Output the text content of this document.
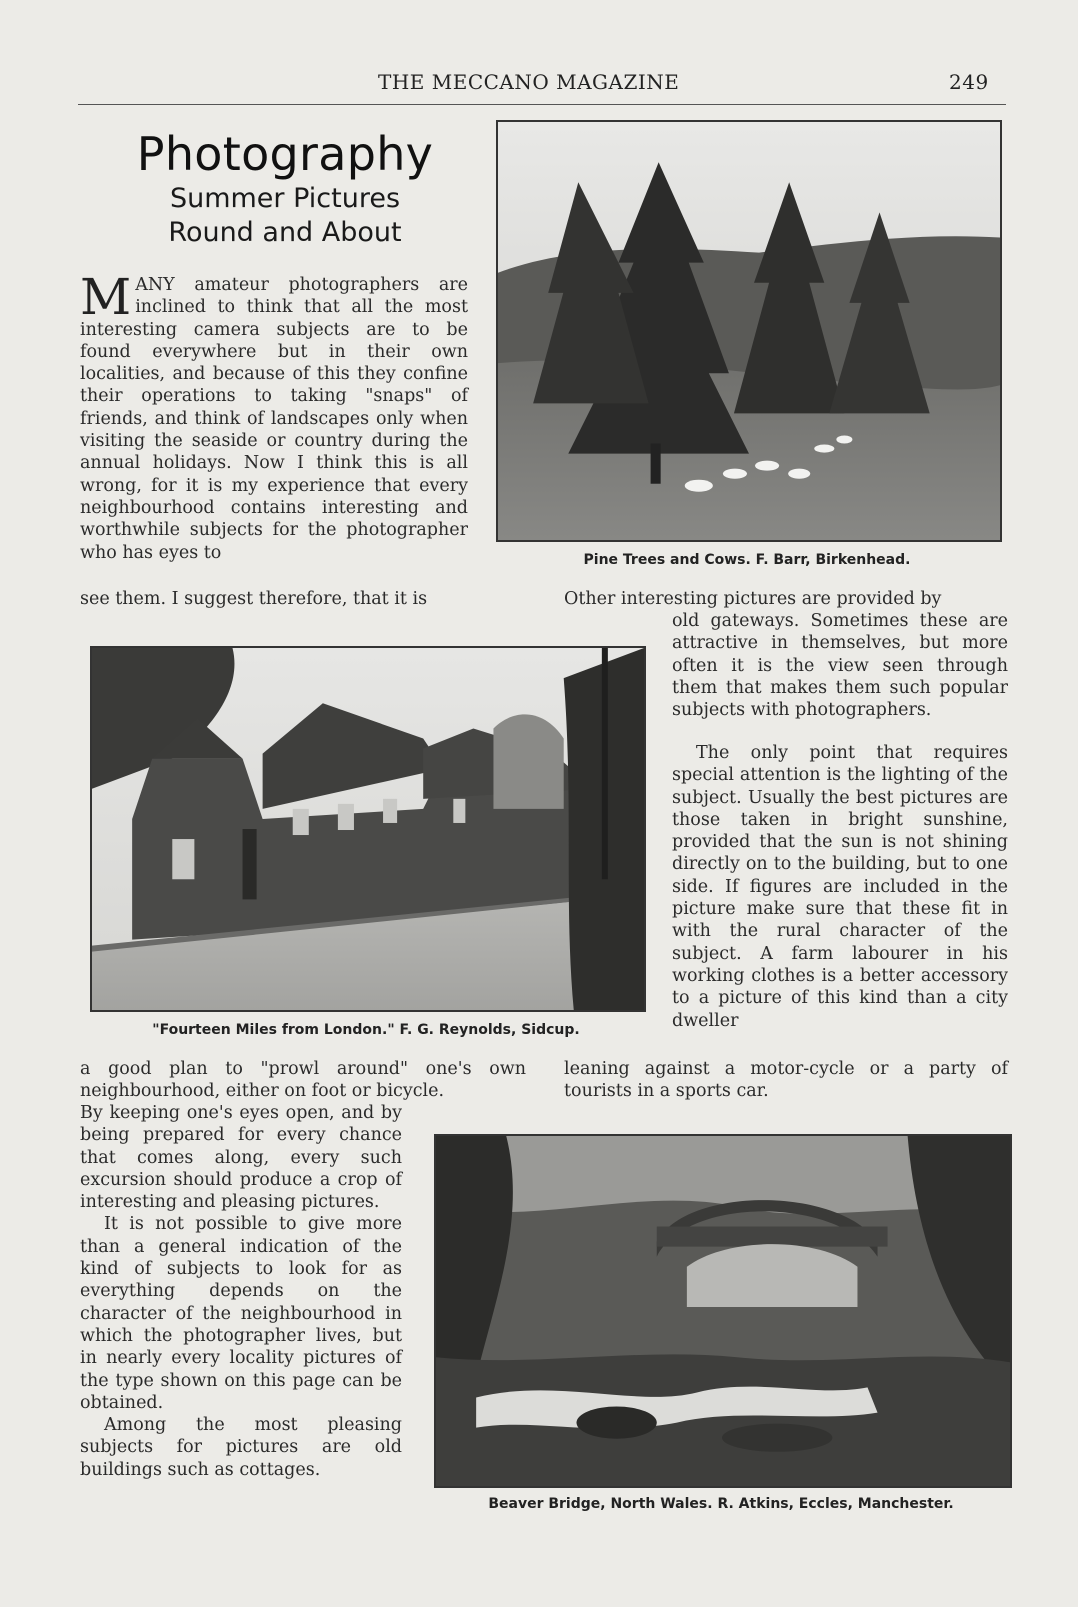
THE MECCANO MAGAZINE	249
Photography
Summer Pictures
Round and About

MANY amateur photographers are inclined to think that all the most interesting camera subjects are to be found everywhere but in their own localities, and because of this they confine their operations to taking "snaps" of friends, and think of landscapes only when visiting the seaside or country during the annual holidays. Now I think this is all wrong, for it is my experience that every neighbourhood contains interesting and worthwhile subjects for the photographer who has eyes to

see them. I suggest therefore, that it is
Pine Trees and Cows. F. Barr, Birkenhead.
Other interesting pictures are provided by
old gateways. Sometimes these are attractive in themselves, but more often it is the view seen through them that makes them such popular subjects with photographers.

The only point that requires special attention is the lighting of the subject. Usually the best pictures are those taken in bright sunshine, provided that the sun is not shining directly on to the building, but to one side. If figures are included in the picture make sure that these fit in with the rural character of the subject. A farm labourer in his working clothes is a better accessory to a picture of this kind than a city dweller

"Fourteen Miles from London." F. G. Reynolds, Sidcup.
leaning against a motor-cycle or a party of tourists in a sports car.
a good plan to "prowl around" one's own neighbourhood, either on foot or bicycle.

By keeping one's eyes open, and by being prepared for every chance that comes along, every such excursion should produce a crop of interesting and pleasing pictures.

It is not possible to give more than a general indication of the kind of subjects to look for as everything depends on the character of the neighbourhood in which the photographer lives, but in nearly every locality pictures of the type shown on this page can be obtained.

Among the most pleasing subjects for pictures are old buildings such as cottages.

Beaver Bridge, North Wales. R. Atkins, Eccles, Manchester.
